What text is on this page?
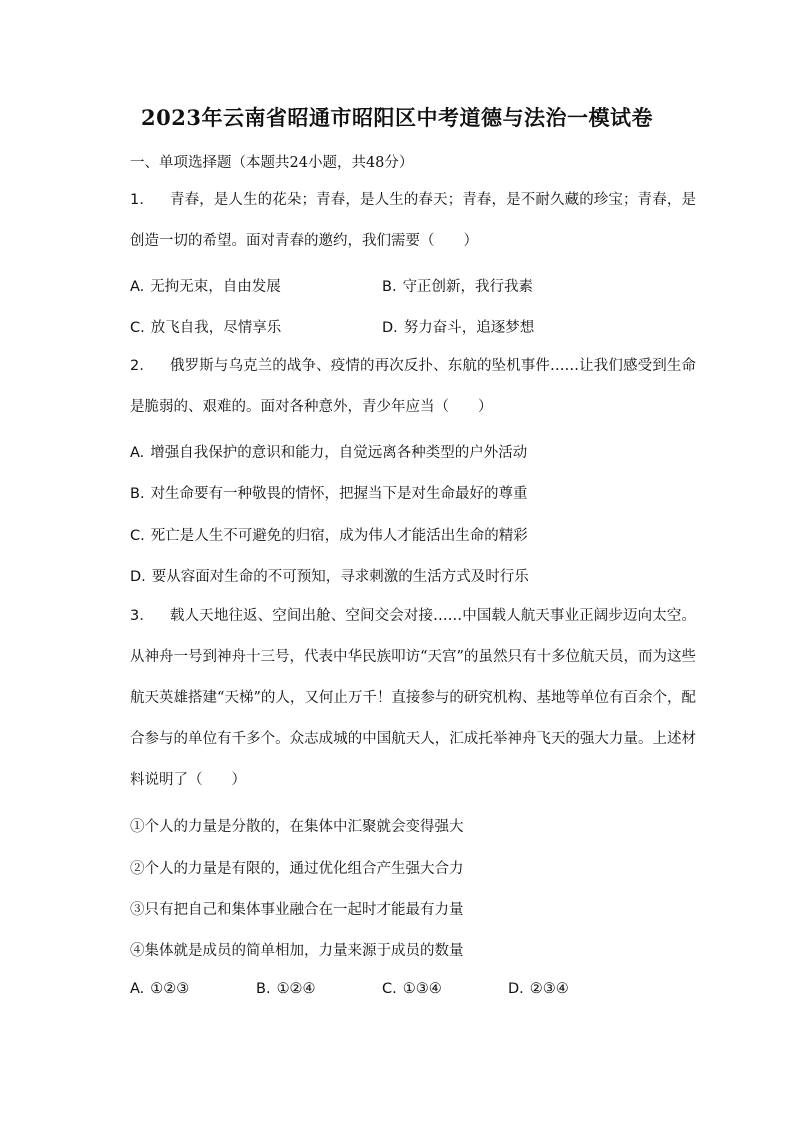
2023年云南省昭通市昭阳区中考道德与法治一模试卷
一、单项选择题（本题共24小题，共48分）
1． 青春，是人生的花朵；青春，是人生的春天；青春，是不耐久藏的珍宝；青春，是创造一切的希望。面对青春的邀约，我们需要（　　）
A. 无拘无束，自由发展	B. 守正创新，我行我素
C. 放飞自我，尽情享乐	D. 努力奋斗，追逐梦想
2． 俄罗斯与乌克兰的战争、疫情的再次反扑、东航的坠机事件……让我们感受到生命是脆弱的、艰难的。面对各种意外，青少年应当（　　）
A. 增强自我保护的意识和能力，自觉远离各种类型的户外活动
B. 对生命要有一种敬畏的情怀，把握当下是对生命最好的尊重
C. 死亡是人生不可避免的归宿，成为伟人才能活出生命的精彩
D. 要从容面对生命的不可预知，寻求刺激的生活方式及时行乐
3． 载人天地往返、空间出舱、空间交会对接……中国载人航天事业正阔步迈向太空。从神舟一号到神舟十三号，代表中华民族叩访“天宫”的虽然只有十多位航天员，而为这些航天英雄搭建“天梯”的人，又何止万千！直接参与的研究机构、基地等单位有百余个，配合参与的单位有千多个。众志成城的中国航天人，汇成托举神舟飞天的强大力量。上述材料说明了（　　）
①个人的力量是分散的，在集体中汇聚就会变得强大
②个人的力量是有限的，通过优化组合产生强大合力
③只有把自己和集体事业融合在一起时才能最有力量
④集体就是成员的简单相加，力量来源于成员的数量
A. ①②③	B. ①②④	C. ①③④	D. ②③④
